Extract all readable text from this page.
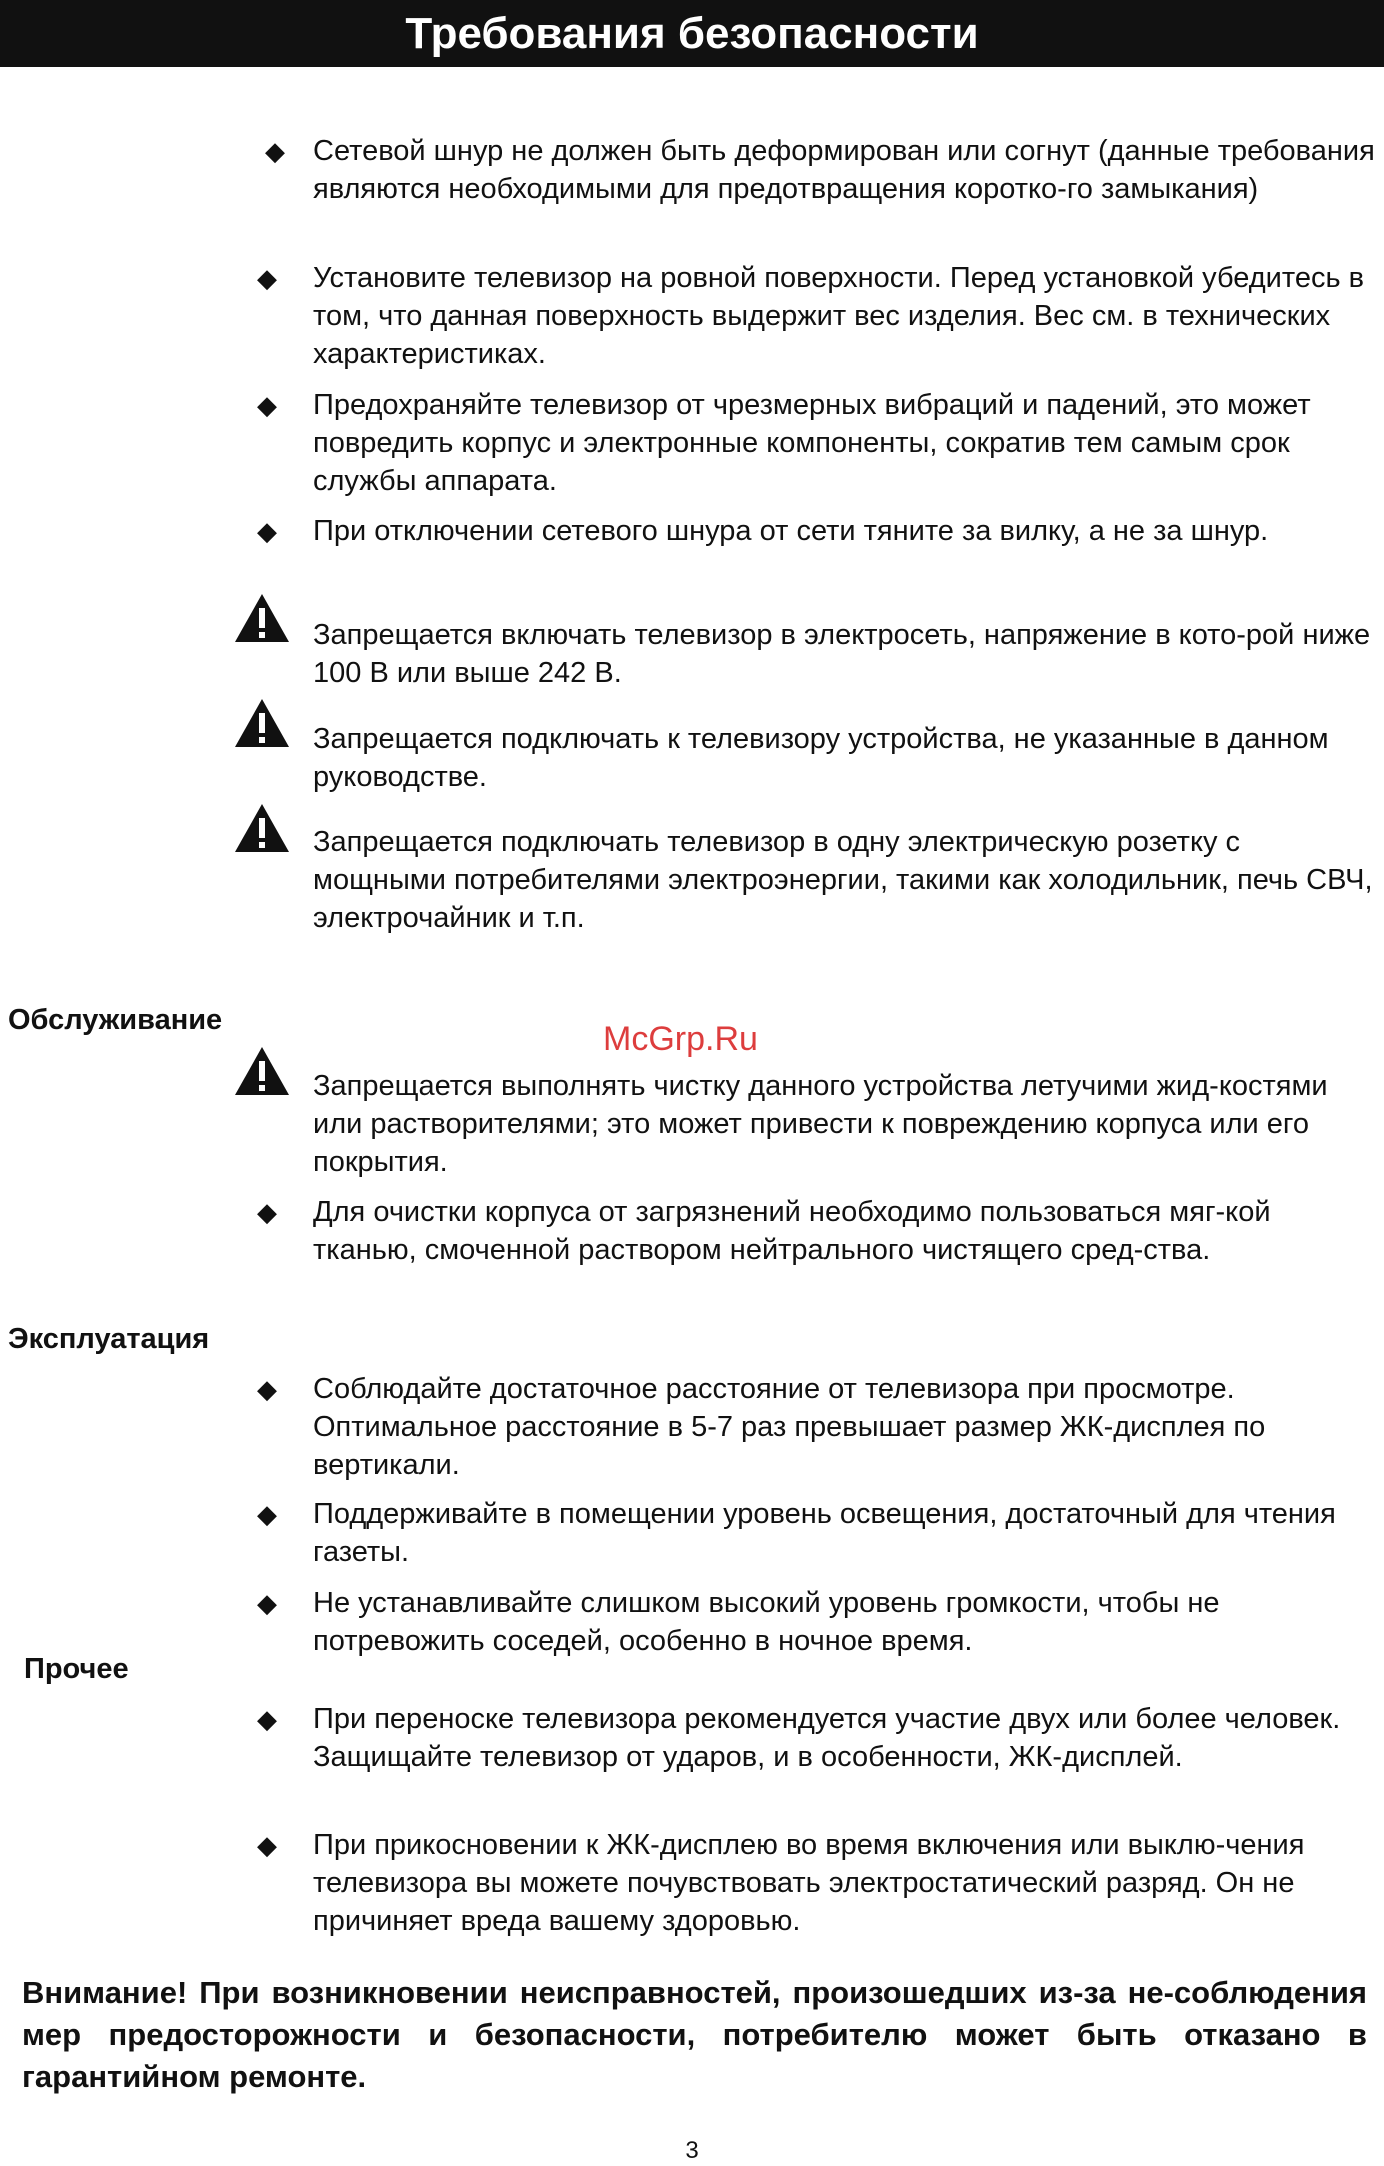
Требования безопасности
◆ Сетевой шнур не должен быть деформирован или согнут (данные требования являются необходимыми для предотвращения коротко-го замыкания)
◆ Установите телевизор на ровной поверхности. Перед установкой убедитесь в том, что данная поверхность выдержит вес изделия. Вес см. в технических характеристиках.
◆ Предохраняйте телевизор от чрезмерных вибраций и падений, это может повредить корпус и электронные компоненты, сократив тем самым срок службы аппарата.
◆ При отключении сетевого шнура от сети тяните за вилку, а не за шнур.
Запрещается включать телевизор в электросеть, напряжение в кото-рой ниже 100 В или выше 242 В.
Запрещается подключать к телевизору устройства, не указанные в данном руководстве.
Запрещается подключать телевизор в одну электрическую розетку с мощными потребителями электроэнергии, такими как холодильник, печь СВЧ, электрочайник и т.п.
Обслуживание
Запрещается выполнять чистку данного устройства летучими жид-костями или растворителями; это может привести к повреждению корпуса или его покрытия.
◆ Для очистки корпуса от загрязнений необходимо пользоваться мяг-кой тканью, смоченной раствором нейтрального чистящего сред-ства.
Эксплуатация
◆ Соблюдайте достаточное расстояние от телевизора при просмотре. Оптимальное расстояние в 5-7 раз превышает размер ЖК-дисплея по вертикали.
◆ Поддерживайте в помещении уровень освещения, достаточный для чтения газеты.
◆ Не устанавливайте слишком высокий уровень громкости, чтобы не потревожить соседей, особенно в ночное время.
Прочее
◆ При переноске телевизора рекомендуется участие двух или более человек. Защищайте телевизор от ударов, и в особенности, ЖК-дисплей.
◆ При прикосновении к ЖК-дисплею во время включения или выклю-чения телевизора вы можете почувствовать электростатический разряд. Он не причиняет вреда вашему здоровью.
Внимание! При возникновении неисправностей, произошедших из-за не-соблюдения мер предосторожности и безопасности, потребителю может быть отказано в гарантийном ремонте.
McGrp.Ru
3
